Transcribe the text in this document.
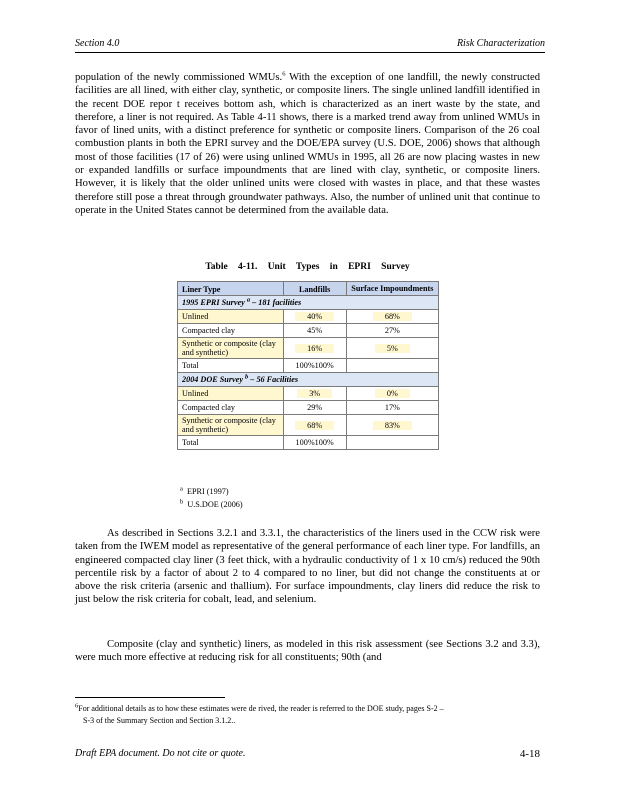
Section 4.0	Risk Characterization
population of the newly commissioned WMUs.$^6$ With the exception of one landfill, the newly constructed facilities are all lined, with either clay, synthetic, or composite liners. The single unlined landfill identified in the recent DOE repor t receives bottom ash, which is characterized as an inert waste by the state, and therefore, a liner is not required. As Table 4-11 shows, there is a marked trend away from unlined WMUs in favor of lined units, with a distinct preference for synthetic or composite liners. Comparison of the 26 coal combustion plants in both the EPRI survey and the DOE/EPA survey (U.S. DOE, 2006) shows that although most of those facilities (17 of 26) were using unlined WMUs in 1995, all 26 are now placing wastes in new or expanded landfills or surface impoundments that are lined with clay, synthetic, or composite liners. However, it is likely that the older unlined units were closed with wastes in place, and that these wastes therefore still pose a threat through groundwater pathways. Also, the number of unlined unit that continue to operate in the United States cannot be determined from the available data.
Table 4-11. Unit Types in EPRI Survey
Liner Type	Landfills	Surface Impoundments
1995 EPRI Survey $^a$ – 181 facilities		
Unlined	40%	68%
Compacted clay	45%	27%
Synthetic or composite (clay and synthetic)	16%	5%
Total	100%100%	
2004 DOE Survey $^b$ – 56 Facilities		
Unlined	3%	0%
Compacted clay	29%	17%
Synthetic or composite (clay and synthetic)	68%	83%
Total	100%100%	
$^a$ EPRI (1997)
$^b$ U.S.DOE (2006)
As described in Sections 3.2.1 and 3.3.1, the characteristics of the liners used in the CCW risk were taken from the IWEM model as representative of the general performance of each liner type. For landfills, an engineered compacted clay liner (3 feet thick, with a hydraulic conductivity of 1 x 10 cm/s) reduced the 90th percentile risk by a factor of about 2 to 4 compared to no liner, but did not change the constituents at or above the risk criteria (arsenic and thallium). For surface impoundments, clay liners did reduce the risk to just below the risk criteria for cobalt, lead, and selenium.
Composite (clay and synthetic) liners, as modeled in this risk assessment (see Sections 3.2 and 3.3), were much more effective at reducing risk for all constituents; 90th (and
$^6$For additional details as to how these estimates were de rived, the reader is referred to the DOE study, pages S-2 –
S-3 of the Summary Section and Section 3.1.2..
Draft EPA document. Do not cite or quote.	4-18
